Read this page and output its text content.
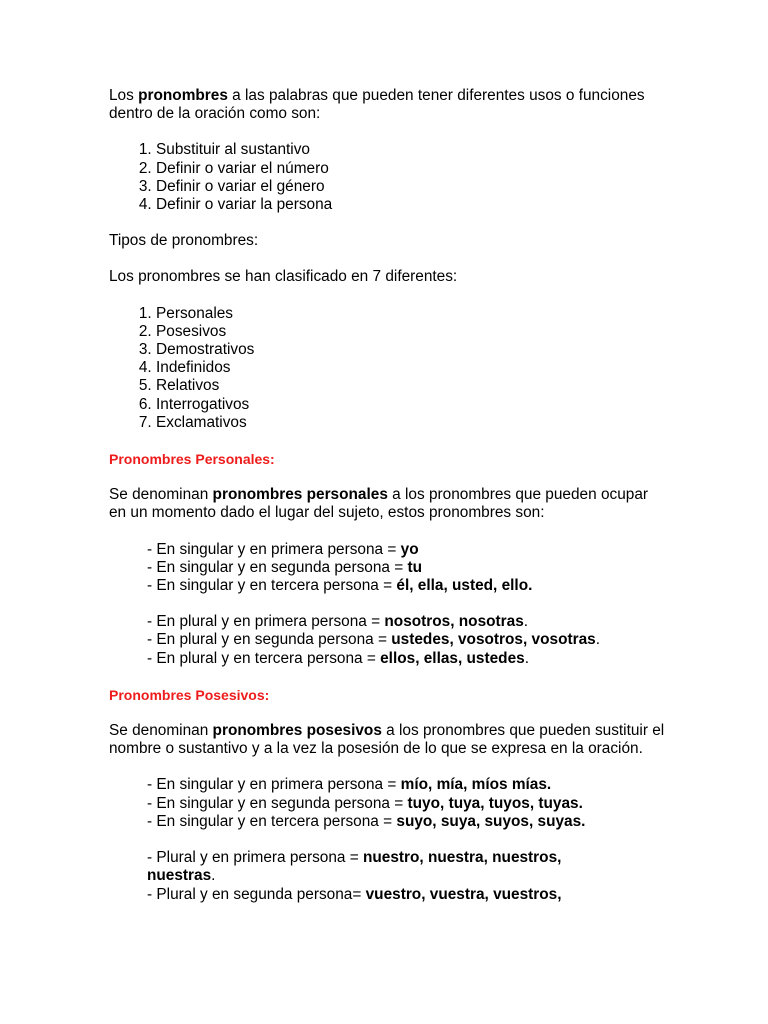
Los pronombres a las palabras que pueden tener diferentes usos o funciones dentro de la oración como son:

1. Substituir al sustantivo
2. Definir o variar el número
3. Definir o variar el género
4. Definir o variar la persona

Tipos de pronombres:

Los pronombres se han clasificado en 7 diferentes:

1. Personales
2. Posesivos
3. Demostrativos
4. Indefinidos
5. Relativos
6. Interrogativos
7. Exclamativos

Pronombres Personales:

Se denominan pronombres personales a los pronombres que pueden ocupar en un momento dado el lugar del sujeto, estos pronombres son:

- En singular y en primera persona = yo
- En singular y en segunda persona = tu
- En singular y en tercera persona = él, ella, usted, ello.
- En plural y en primera persona = nosotros, nosotras.
- En plural y en segunda persona = ustedes, vosotros, vosotras.
- En plural y en tercera persona = ellos, ellas, ustedes.

Pronombres Posesivos:

Se denominan pronombres posesivos a los pronombres que pueden sustituir el nombre o sustantivo y a la vez la posesión de lo que se expresa en la oración.

- En singular y en primera persona = mío, mía, míos mías.
- En singular y en segunda persona = tuyo, tuya, tuyos, tuyas.
- En singular y en tercera persona = suyo, suya, suyos, suyas.
- Plural y en primera persona = nuestro, nuestra, nuestros, nuestras.
- Plural y en segunda persona= vuestro, vuestra, vuestros,
